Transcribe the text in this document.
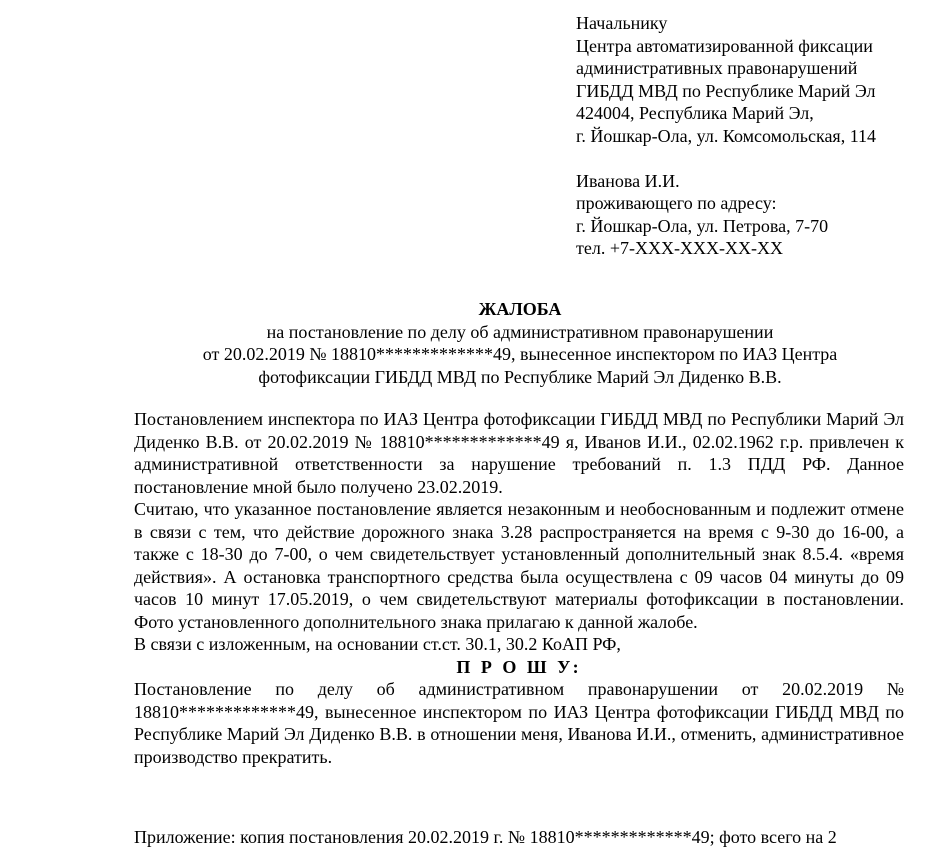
Начальнику
Центра автоматизированной фиксации
административных правонарушений
ГИБДД МВД по Республике Марий Эл
424004, Республика Марий Эл,
г. Йошкар-Ола, ул. Комсомольская, 114
Иванова И.И.
проживающего по адресу:
г. Йошкар-Ола, ул. Петрова, 7-70
тел. +7-ХХХ-ХХХ-ХХ-ХХ
ЖАЛОБА
на постановление по делу об административном правонарушении
от 20.02.2019 № 18810*************49, вынесенное инспектором по ИАЗ Центра
фотофиксации ГИБДД МВД по Республике Марий Эл Диденко В.В.

Постановлением инспектора по ИАЗ Центра фотофиксации ГИБДД МВД по Республики Марий Эл Диденко В.В. от 20.02.2019 № 18810*************49 я, Иванов И.И., 02.02.1962 г.р. привлечен к административной ответственности за нарушение требований п. 1.3 ПДД РФ. Данное постановление мной было получено 23.02.2019.

Считаю, что указанное постановление является незаконным и необоснованным и подлежит отмене в связи с тем, что действие дорожного знака 3.28 распространяется на время с 9-30 до 16-00, а также с 18-30 до 7-00, о чем свидетельствует установленный дополнительный знак 8.5.4. «время действия». А остановка транспортного средства была осуществлена с 09 часов 04 минуты до 09 часов 10 минут 17.05.2019, о чем свидетельствуют материалы фотофиксации в постановлении. Фото установленного дополнительного знака прилагаю к данной жалобе.

В связи с изложенным, на основании ст.ст. 30.1, 30.2 КоАП РФ,

П Р О Ш У:

Постановление по делу об административном правонарушении от 20.02.2019 № 18810*************49, вынесенное инспектором по ИАЗ Центра фотофиксации ГИБДД МВД по Республике Марий Эл Диденко В.В. в отношении меня, Иванова И.И., отменить, административное производство прекратить.

Приложение: копия постановления 20.02.2019 г. № 18810*************49; фото всего на 2
